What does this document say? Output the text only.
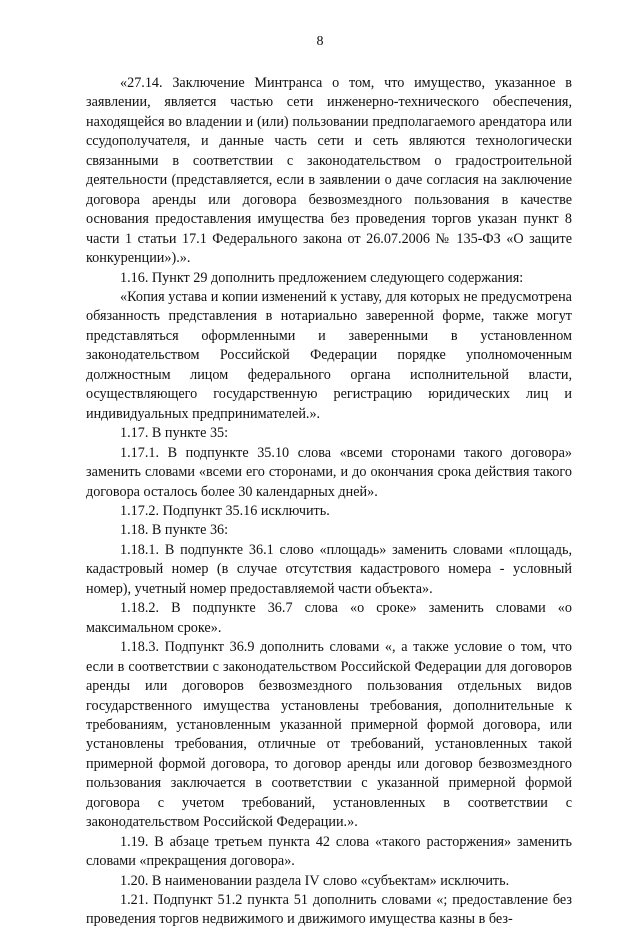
8

«27.14. Заключение Минтранса о том, что имущество, указанное в заявлении, является частью сети инженерно-технического обеспечения, находящейся во владении и (или) пользовании предполагаемого арендатора или ссудополучателя, и данные часть сети и сеть являются технологически связанными в соответствии с законодательством о градостроительной деятельности (представляется, если в заявлении о даче согласия на заключение договора аренды или договора безвозмездного пользования в качестве основания предоставления имущества без проведения торгов указан пункт 8 части 1 статьи 17.1 Федерального закона от 26.07.2006 № 135-ФЗ «О защите конкуренции»).».

1.16. Пункт 29 дополнить предложением следующего содержания:

«Копия устава и копии изменений к уставу, для которых не предусмотрена обязанность представления в нотариально заверенной форме, также могут представляться оформленными и заверенными в установленном законодательством Российской Федерации порядке уполномоченным должностным лицом федерального органа исполнительной власти, осуществляющего государственную регистрацию юридических лиц и индивидуальных предпринимателей.».

1.17. В пункте 35:

1.17.1. В подпункте 35.10 слова «всеми сторонами такого договора» заменить словами «всеми его сторонами, и до окончания срока действия такого договора осталось более 30 календарных дней».

1.17.2. Подпункт 35.16 исключить.

1.18. В пункте 36:

1.18.1. В подпункте 36.1 слово «площадь» заменить словами «площадь, кадастровый номер (в случае отсутствия кадастрового номера - условный номер), учетный номер предоставляемой части объекта».

1.18.2. В подпункте 36.7 слова «о сроке» заменить словами «о максимальном сроке».

1.18.3. Подпункт 36.9 дополнить словами «, а также условие о том, что если в соответствии с законодательством Российской Федерации для договоров аренды или договоров безвозмездного пользования отдельных видов государственного имущества установлены требования, дополнительные к требованиям, установленным указанной примерной формой договора, или установлены требования, отличные от требований, установленных такой примерной формой договора, то договор аренды или договор безвозмездного пользования заключается в соответствии с указанной примерной формой договора с учетом требований, установленных в соответствии с законодательством Российской Федерации.».

1.19. В абзаце третьем пункта 42 слова «такого расторжения» заменить словами «прекращения договора».

1.20. В наименовании раздела IV слово «субъектам» исключить.

1.21. Подпункт 51.2 пункта 51 дополнить словами «; предоставление без проведения торгов недвижимого и движимого имущества казны в без-
